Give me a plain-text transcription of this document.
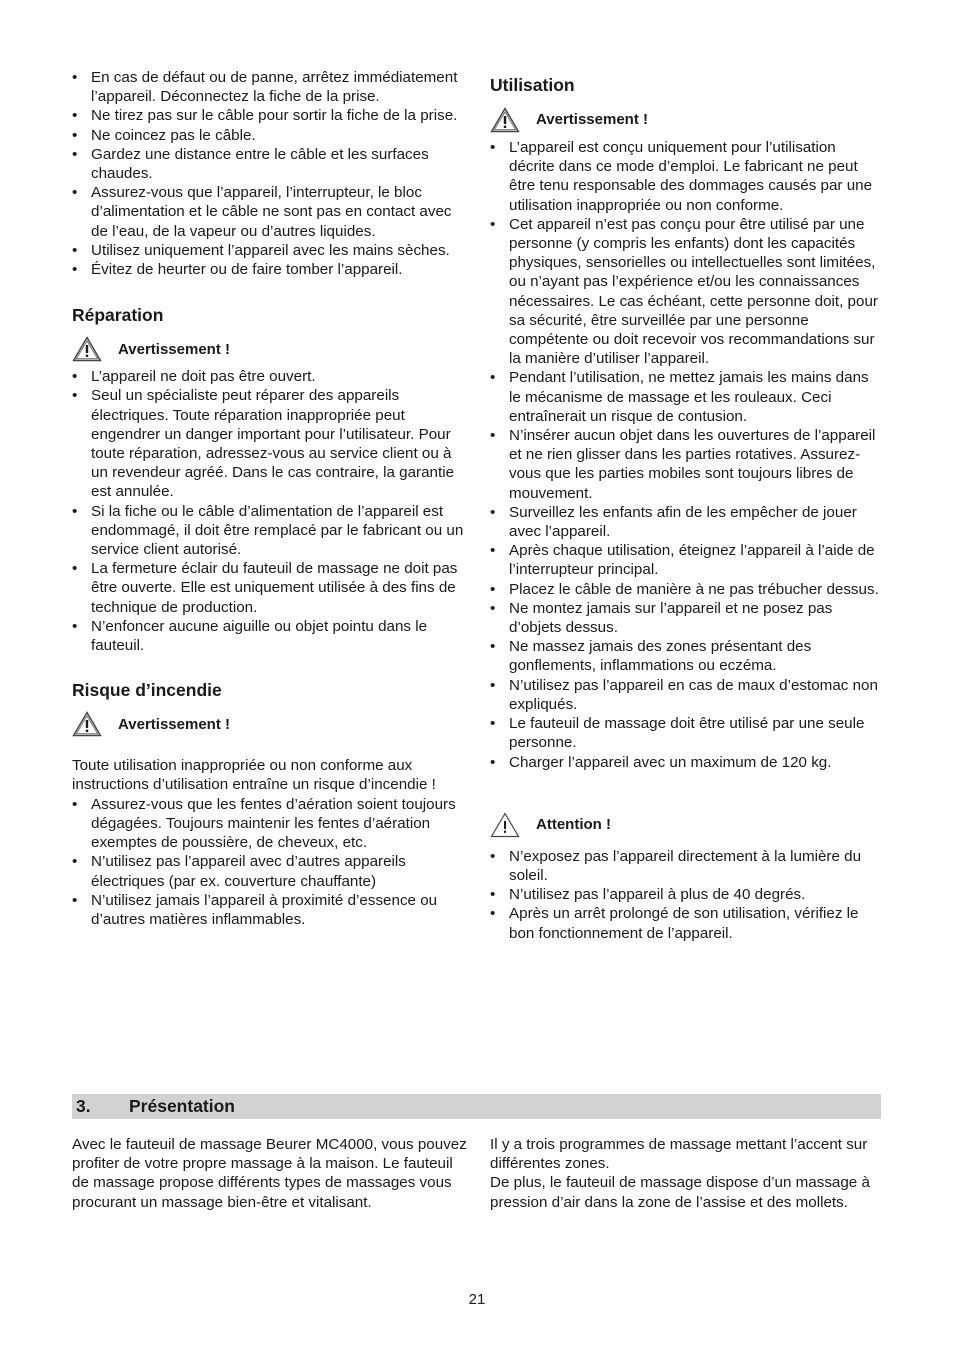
• En cas de défaut ou de panne, arrêtez immédiatement l’appareil. Déconnectez la fiche de la prise.
• Ne tirez pas sur le câble pour sortir la fiche de la prise.
• Ne coincez pas le câble.
• Gardez une distance entre le câble et les surfaces chaudes.
• Assurez-vous que l’appareil, l’interrupteur, le bloc d’alimentation et le câble ne sont pas en contact avec de l’eau, de la vapeur ou d’autres liquides.
• Utilisez uniquement l’appareil avec les mains sèches.
• Évitez de heurter ou de faire tomber l’appareil.
Réparation
Avertissement !
• L’appareil ne doit pas être ouvert.
• Seul un spécialiste peut réparer des appareils électriques. Toute réparation inappropriée peut engendrer un danger important pour l’utilisateur. Pour toute réparation, adressez-vous au service client ou à un revendeur agréé. Dans le cas contraire, la garantie est annulée.
• Si la fiche ou le câble d’alimentation de l’appareil est endommagé, il doit être remplacé par le fabricant ou un service client autorisé.
• La fermeture éclair du fauteuil de massage ne doit pas être ouverte. Elle est uniquement utilisée à des fins de technique de production.
• N’enfoncer aucune aiguille ou objet pointu dans le fauteuil.
Risque d’incendie
Avertissement !

Toute utilisation inappropriée ou non conforme aux instructions d’utilisation entraîne un risque d’incendie !

• Assurez-vous que les fentes d’aération soient toujours dégagées. Toujours maintenir les fentes d’aération exemptes de poussière, de cheveux, etc.
• N’utilisez pas l’appareil avec d’autres appareils électriques (par ex. couverture chauffante)
• N’utilisez jamais l’appareil à proximité d’essence ou d’autres matières inflammables.
Utilisation
Avertissement !
• L’appareil est conçu uniquement pour l’utilisation décrite dans ce mode d’emploi. Le fabricant ne peut être tenu responsable des dommages causés par une utilisation inappropriée ou non conforme.
• Cet appareil n’est pas conçu pour être utilisé par une personne (y compris les enfants) dont les capacités physiques, sensorielles ou intellectuelles sont limitées, ou n’ayant pas l’expérience et/ou les connaissances nécessaires. Le cas échéant, cette personne doit, pour sa sécurité, être surveillée par une personne compétente ou doit recevoir vos recommandations sur la manière d’utiliser l’appareil.
• Pendant l’utilisation, ne mettez jamais les mains dans le mécanisme de massage et les rouleaux. Ceci entraînerait un risque de contusion.
• N’insérer aucun objet dans les ouvertures de l’appareil et ne rien glisser dans les parties rotatives. Assurez-vous que les parties mobiles sont toujours libres de mouvement.
• Surveillez les enfants afin de les empêcher de jouer avec l’appareil.
• Après chaque utilisation, éteignez l’appareil à l’aide de l’interrupteur principal.
• Placez le câble de manière à ne pas trébucher dessus.
• Ne montez jamais sur l’appareil et ne posez pas d’objets dessus.
• Ne massez jamais des zones présentant des gonflements, inflammations ou eczéma.
• N’utilisez pas l’appareil en cas de maux d’estomac non expliqués.
• Le fauteuil de massage doit être utilisé par une seule personne.
• Charger l’appareil avec un maximum de 120 kg.
Attention !
• N’exposez pas l’appareil directement à la lumière du soleil.
• N’utilisez pas l’appareil à plus de 40 degrés.
• Après un arrêt prolongé de son utilisation, vérifiez le bon fonctionnement de l’appareil.
3.	Présentation

Avec le fauteuil de massage Beurer MC4000, vous pouvez profiter de votre propre massage à la maison. Le fauteuil de massage propose différents types de massages vous procurant un massage bien-être et vitalisant.

Il y a trois programmes de massage mettant l’accent sur différentes zones.

De plus, le fauteuil de massage dispose d’un massage à pression d’air dans la zone de l’assise et des mollets.

21
